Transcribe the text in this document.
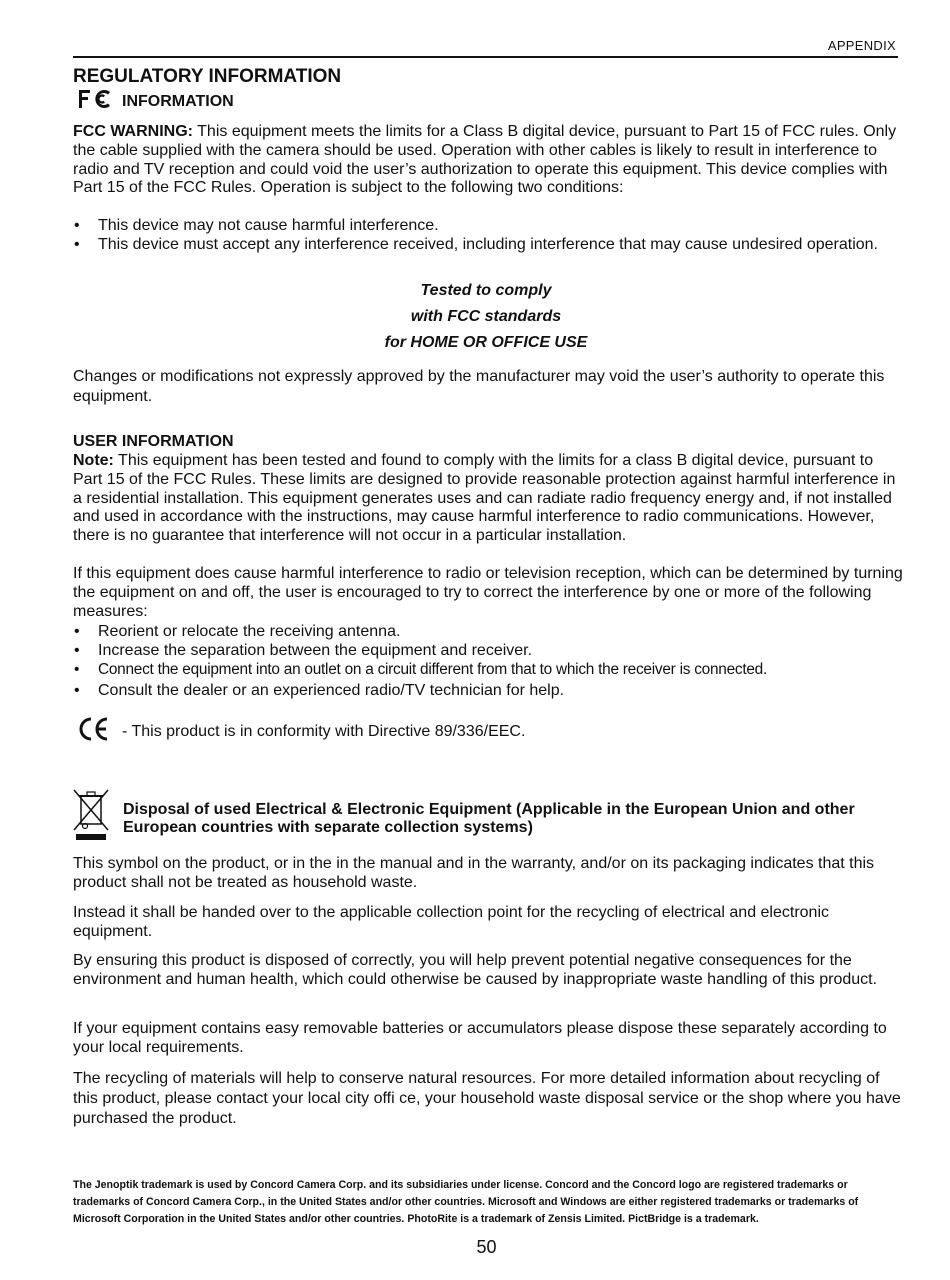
APPENDIX
REGULATORY INFORMATION
INFORMATION
FCC WARNING: This equipment meets the limits for a Class B digital device, pursuant to Part 15 of FCC rules. Only the cable supplied with the camera should be used. Operation with other cables is likely to result in interference to radio and TV reception and could void the user’s authorization to operate this equipment. This device complies with Part 15 of the FCC Rules. Operation is subject to the following two conditions:
• This device may not cause harmful interference.
• This device must accept any interference received, including interference that may cause undesired operation.
Tested to comply
with FCC standards
for HOME OR OFFICE USE
Changes or modifications not expressly approved by the manufacturer may void the user’s authority to operate this equipment.
USER INFORMATION
Note: This equipment has been tested and found to comply with the limits for a class B digital device, pursuant to Part 15 of the FCC Rules. These limits are designed to provide reasonable protection against harmful interference in a residential installation. This equipment generates uses and can radiate radio frequency energy and, if not installed and used in accordance with the instructions, may cause harmful interference to radio communications. However, there is no guarantee that interference will not occur in a particular installation.
If this equipment does cause harmful interference to radio or television reception, which can be determined by turning the equipment on and off, the user is encouraged to try to correct the interference by one or more of the following measures:
• Reorient or relocate the receiving antenna.
• Increase the separation between the equipment and receiver.
• Connect the equipment into an outlet on a circuit different from that to which the receiver is connected.
• Consult the dealer or an experienced radio/TV technician for help.
- This product is in conformity with Directive 89/336/EEC.
Disposal of used Electrical & Electronic Equipment (Applicable in the European Union and other European countries with separate collection systems)
This symbol on the product, or in the in the manual and in the warranty, and/or on its packaging indicates that this product shall not be treated as household waste.
Instead it shall be handed over to the applicable collection point for the recycling of electrical and electronic equipment.
By ensuring this product is disposed of correctly, you will help prevent potential negative consequences for the environment and human health, which could otherwise be caused by inappropriate waste handling of this product.
If your equipment contains easy removable batteries or accumulators please dispose these separately according to your local requirements.
The recycling of materials will help to conserve natural resources. For more detailed information about recycling of this product, please contact your local city offi ce, your household waste disposal service or the shop where you have purchased the product.
The Jenoptik trademark is used by Concord Camera Corp. and its subsidiaries under license. Concord and the Concord logo are registered trademarks or trademarks of Concord Camera Corp., in the United States and/or other countries. Microsoft and Windows are either registered trademarks or trademarks of Microsoft Corporation in the United States and/or other countries. PhotoRite is a trademark of Zensis Limited. PictBridge is a trademark.
50
